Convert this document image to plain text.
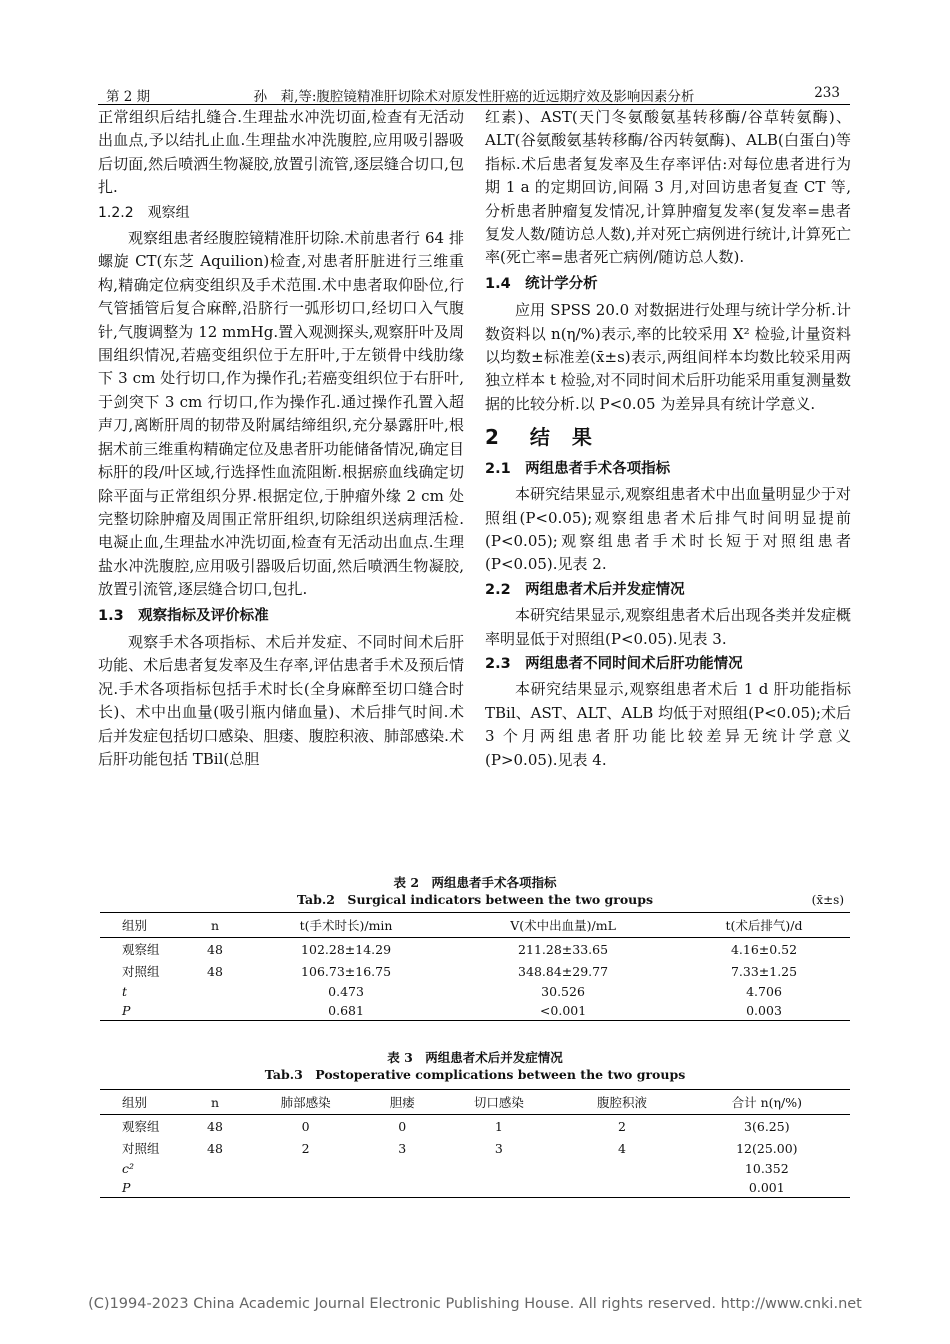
第 2 期	孙　莉,等:腹腔镜精准肝切除术对原发性肝癌的近远期疗效及影响因素分析	233

正常组织后结扎缝合.生理盐水冲洗切面,检查有无活动出血点,予以结扎止血.生理盐水冲洗腹腔,应用吸引器吸后切面,然后喷洒生物凝胶,放置引流管,逐层缝合切口,包扎.

1.2.2　观察组

观察组患者经腹腔镜精准肝切除.术前患者行 64 排螺旋 CT(东芝 Aquilion)检查,对患者肝脏进行三维重构,精确定位病变组织及手术范围.术中患者取仰卧位,行气管插管后复合麻醉,沿脐行一弧形切口,经切口入气腹针,气腹调整为 12 mmHg.置入观测探头,观察肝叶及周围组织情况,若癌变组织位于左肝叶,于左锁骨中线肋缘下 3 cm 处行切口,作为操作孔;若癌变组织位于右肝叶,于剑突下 3 cm 行切口,作为操作孔.通过操作孔置入超声刀,离断肝周的韧带及附属结缔组织,充分暴露肝叶,根据术前三维重构精确定位及患者肝功能储备情况,确定目标肝的段/叶区域,行选择性血流阻断.根据瘀血线确定切除平面与正常组织分界.根据定位,于肿瘤外缘 2 cm 处完整切除肿瘤及周围正常肝组织,切除组织送病理活检.电凝止血,生理盐水冲洗切面,检查有无活动出血点.生理盐水冲洗腹腔,应用吸引器吸后切面,然后喷洒生物凝胶,放置引流管,逐层缝合切口,包扎.

1.3　观察指标及评价标准

观察手术各项指标、术后并发症、不同时间术后肝功能、术后患者复发率及生存率,评估患者手术及预后情况.手术各项指标包括手术时长(全身麻醉至切口缝合时长)、术中出血量(吸引瓶内储血量)、术后排气时间.术后并发症包括切口感染、胆瘘、腹腔积液、肺部感染.术后肝功能包括 TBil(总胆

红素)、AST(天门冬氨酸氨基转移酶/谷草转氨酶)、ALT(谷氨酸氨基转移酶/谷丙转氨酶)、ALB(白蛋白)等指标.术后患者复发率及生存率评估:对每位患者进行为期 1 a 的定期回访,间隔 3 月,对回访患者复查 CT 等,分析患者肿瘤复发情况,计算肿瘤复发率(复发率=患者复发人数/随访总人数),并对死亡病例进行统计,计算死亡率(死亡率=患者死亡病例/随访总人数).

1.4　统计学分析

应用 SPSS 20.0 对数据进行处理与统计学分析.计数资料以 n(η/%)表示,率的比较采用 X² 检验,计量资料以均数±标准差(x̄±s)表示,两组间样本均数比较采用两独立样本 t 检验,对不同时间术后肝功能采用重复测量数据的比较分析.以 P<0.05 为差异具有统计学意义.

2 结　果

2.1　两组患者手术各项指标

本研究结果显示,观察组患者术中出血量明显少于对照组(P<0.05);观察组患者术后排气时间明显提前(P<0.05);观察组患者手术时长短于对照组患者(P<0.05).见表 2.

2.2　两组患者术后并发症情况

本研究结果显示,观察组患者术后出现各类并发症概率明显低于对照组(P<0.05).见表 3.

2.3　两组患者不同时间术后肝功能情况

本研究结果显示,观察组患者术后 1 d 肝功能指标 TBil、AST、ALT、ALB 均低于对照组(P<0.05);术后 3 个月两组患者肝功能比较差异无统计学意义(P>0.05).见表 4.

表 2　两组患者手术各项指标
Tab.2　Surgical indicators between the two groups	(x̄±s)
组别	n	t(手术时长)/min	V(术中出血量)/mL	t(术后排气)/d
观察组	48	102.28±14.29	211.28±33.65	4.16±0.52
对照组	48	106.73±16.75	348.84±29.77	7.33±1.25
t		0.473	30.526	4.706
P		0.681	<0.001	0.003
表 3　两组患者术后并发症情况
Tab.3　Postoperative complications between the two groups
组别	n	肺部感染	胆瘘	切口感染	腹腔积液	合计 n(η/%)
观察组	48	0	0	1	2	3(6.25)
对照组	48	2	3	3	4	12(25.00)
c²						10.352
P						0.001
(C)1994-2023 China Academic Journal Electronic Publishing House. All rights reserved. http://www.cnki.net
